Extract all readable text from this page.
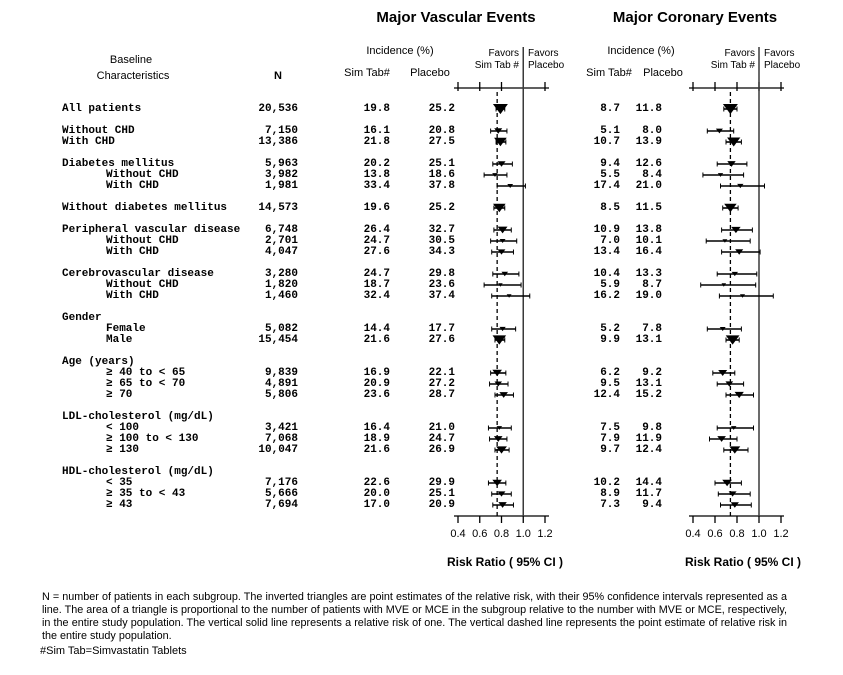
Major Vascular Events	Major Coronary Events
Baseline
Characteristics	N
Incidence (%)
Sim Tab# Placebo
Incidence (%)
Sim Tab# Placebo
Favors
Sim Tab #
Favors
Placebo
Favors
Sim Tab #
Favors
Placebo
All patients	20,536	19.8	25.2	8.7	11.8
Without CHD	7,150	16.1	20.8	5.1	8.0
With CHD	13,386	21.8	27.5	10.7	13.9
Diabetes mellitus	5,963	20.2	25.1	9.4	12.6
Without CHD	3,982	13.8	18.6	5.5	8.4
With CHD	1,981	33.4	37.8	17.4	21.0
Without diabetes mellitus	14,573	19.6	25.2	8.5	11.5
Peripheral vascular disease	6,748	26.4	32.7	10.9	13.8
Without CHD	2,701	24.7	30.5	7.0	10.1
With CHD	4,047	27.6	34.3	13.4	16.4
Cerebrovascular disease	3,280	24.7	29.8	10.4	13.3
Without CHD	1,820	18.7	23.6	5.9	8.7
With CHD	1,460	32.4	37.4	16.2	19.0
Gender
Female	5,082	14.4	17.7	5.2	7.8
Male	15,454	21.6	27.6	9.9	13.1
Age (years)
≥ 40 to < 65	9,839	16.9	22.1	6.2	9.2
≥ 65 to < 70	4,891	20.9	27.2	9.5	13.1
≥ 70	5,806	23.6	28.7	12.4	15.2
LDL-cholesterol (mg/dL)
< 100	3,421	16.4	21.0	7.5	9.8
≥ 100 to < 130	7,068	18.9	24.7	7.9	11.9
≥ 130	10,047	21.6	26.9	9.7	12.4
HDL-cholesterol (mg/dL)
< 35	7,176	22.6	29.9	10.2	14.4
≥ 35 to < 43	5,666	20.0	25.1	8.9	11.7
≥ 43	7,694	17.0	20.9	7.3	9.4
0.4 0.6 0.8 1.0 1.2	0.4 0.6 0.8 1.0 1.2
Risk Ratio ( 95% CI )	Risk Ratio ( 95% CI )
N = number of patients in each subgroup. The inverted triangles are point estimates of the relative risk, with their 95% confidence intervals represented as a line. The area of a triangle is proportional to the number of patients with MVE or MCE in the subgroup relative to the number with MVE or MCE, respectively, in the entire study population. The vertical solid line represents a relative risk of one. The vertical dashed line represents the point estimate of relative risk in the entire study population.
#Sim Tab=Simvastatin Tablets
